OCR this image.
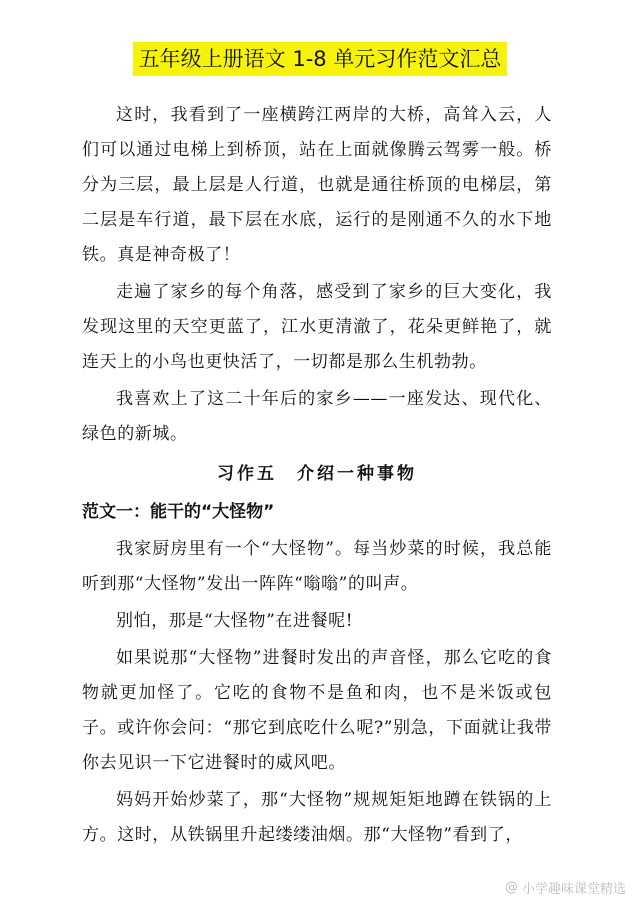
五年级上册语文 1-8 单元习作范文汇总

这时，我看到了一座横跨江两岸的大桥，高耸入云，人们可以通过电梯上到桥顶，站在上面就像腾云驾雾一般。桥分为三层，最上层是人行道，也就是通往桥顶的电梯层，第二层是车行道，最下层在水底，运行的是刚通不久的水下地铁。真是神奇极了！

走遍了家乡的每个角落，感受到了家乡的巨大变化，我发现这里的天空更蓝了，江水更清澈了，花朵更鲜艳了，就连天上的小鸟也更快活了，一切都是那么生机勃勃。

我喜欢上了这二十年后的家乡——一座发达、现代化、绿色的新城。

习作五　介绍一种事物
范文一：能干的“大怪物”

我家厨房里有一个“大怪物”。每当炒菜的时候，我总能听到那“大怪物”发出一阵阵“嗡嗡”的叫声。

别怕，那是“大怪物”在进餐呢!

如果说那“大怪物”进餐时发出的声音怪，那么它吃的食物就更加怪了。它吃的食物不是鱼和肉，也不是米饭或包子。或许你会问：“那它到底吃什么呢?”别急，下面就让我带你去见识一下它进餐时的威风吧。

妈妈开始炒菜了，那“大怪物”规规矩矩地蹲在铁锅的上方。这时，从铁锅里升起缕缕油烟。那“大怪物”看到了，

@ 小学趣味课堂精选
